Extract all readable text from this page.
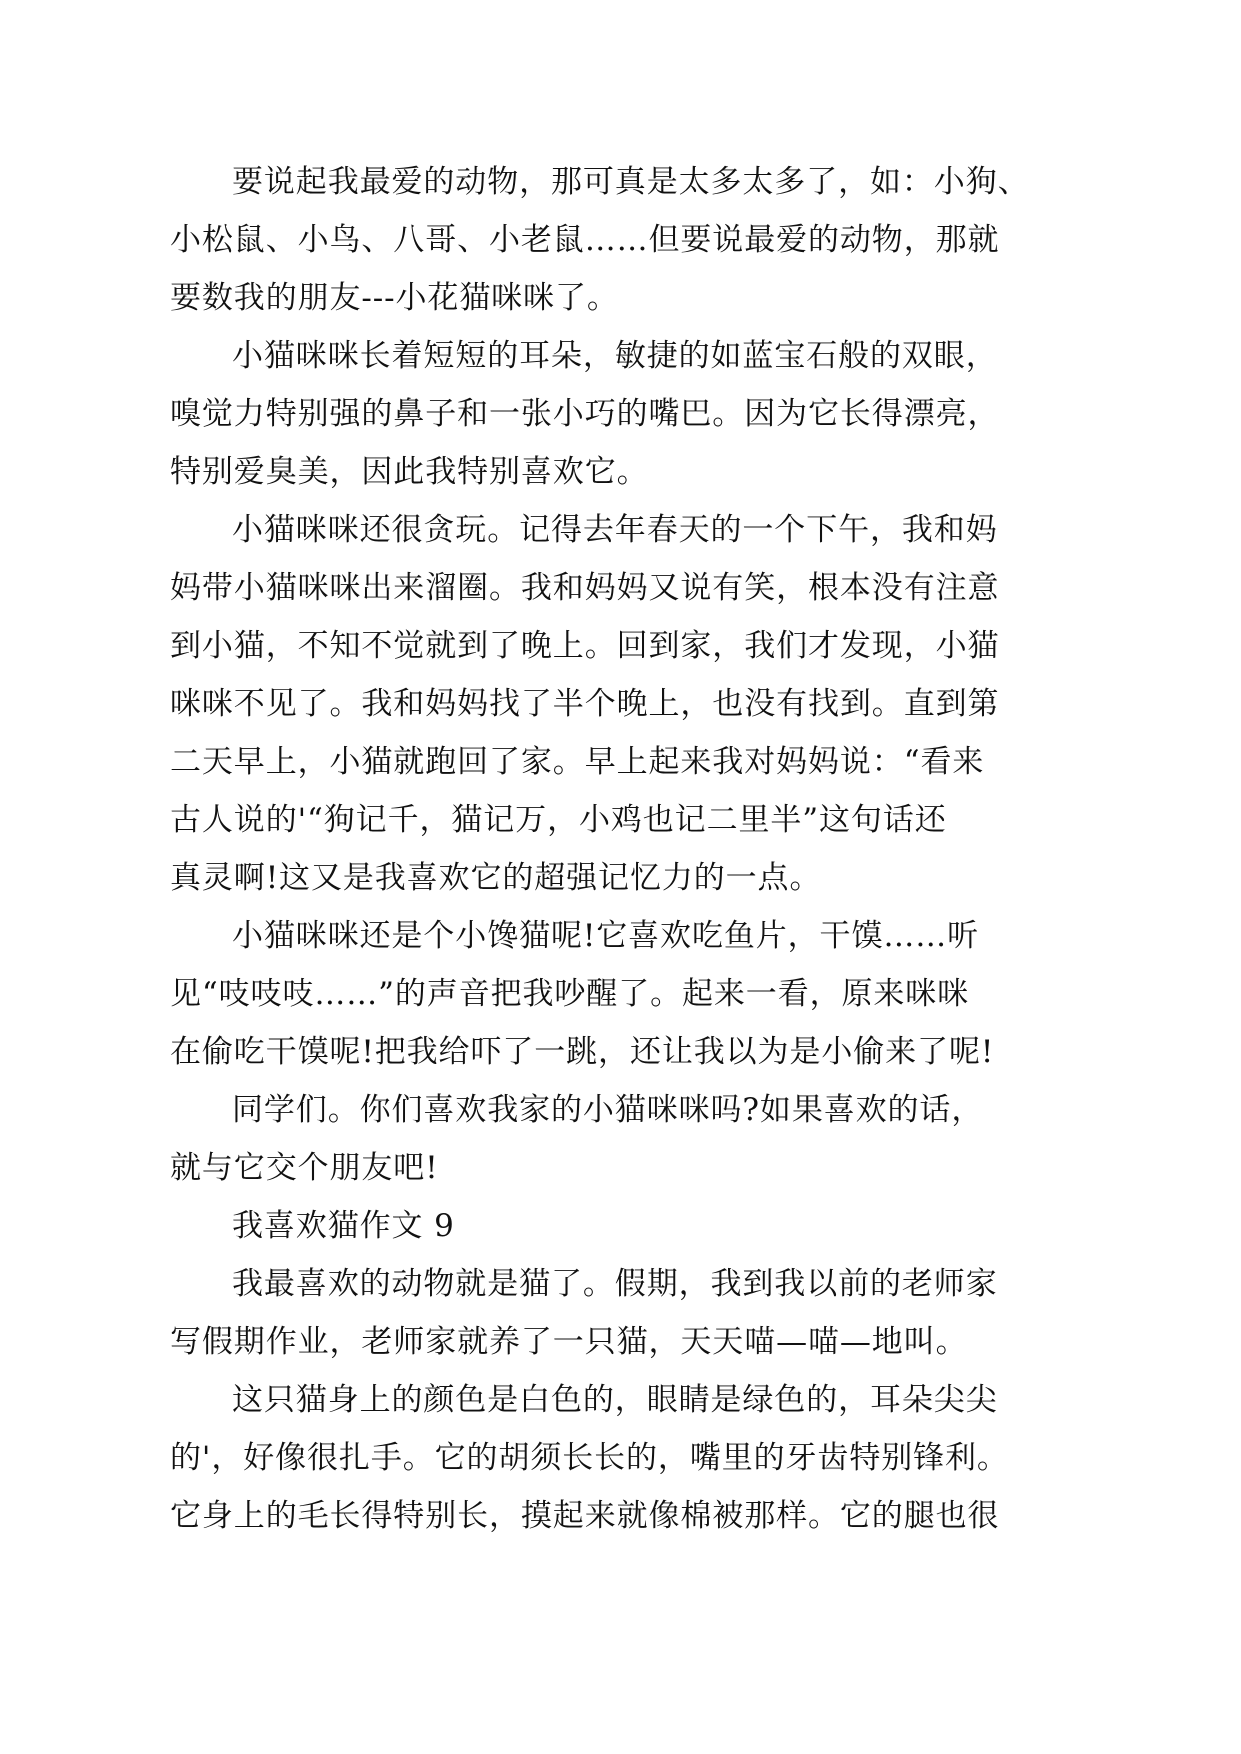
要说起我最爱的动物，那可真是太多太多了，如：小狗、
小松鼠、小鸟、八哥、小老鼠……但要说最爱的动物，那就
要数我的朋友---小花猫咪咪了。
小猫咪咪长着短短的耳朵，敏捷的如蓝宝石般的双眼，
嗅觉力特别强的鼻子和一张小巧的嘴巴。因为它长得漂亮，
特别爱臭美，因此我特别喜欢它。
小猫咪咪还很贪玩。记得去年春天的一个下午，我和妈
妈带小猫咪咪出来溜圈。我和妈妈又说有笑，根本没有注意
到小猫，不知不觉就到了晚上。回到家，我们才发现，小猫
咪咪不见了。我和妈妈找了半个晚上，也没有找到。直到第
二天早上，小猫就跑回了家。早上起来我对妈妈说：“看来
古人说的'“狗记千，猫记万，小鸡也记二里半”这句话还
真灵啊!这又是我喜欢它的超强记忆力的一点。
小猫咪咪还是个小馋猫呢!它喜欢吃鱼片，干馍……听
见“吱吱吱……”的声音把我吵醒了。起来一看，原来咪咪
在偷吃干馍呢!把我给吓了一跳，还让我以为是小偷来了呢!
同学们。你们喜欢我家的小猫咪咪吗?如果喜欢的话，
就与它交个朋友吧!
我喜欢猫作文 9
我最喜欢的动物就是猫了。假期，我到我以前的老师家
写假期作业，老师家就养了一只猫，天天喵—喵—地叫。
这只猫身上的颜色是白色的，眼睛是绿色的，耳朵尖尖
的'，好像很扎手。它的胡须长长的，嘴里的牙齿特别锋利。
它身上的毛长得特别长，摸起来就像棉被那样。它的腿也很
